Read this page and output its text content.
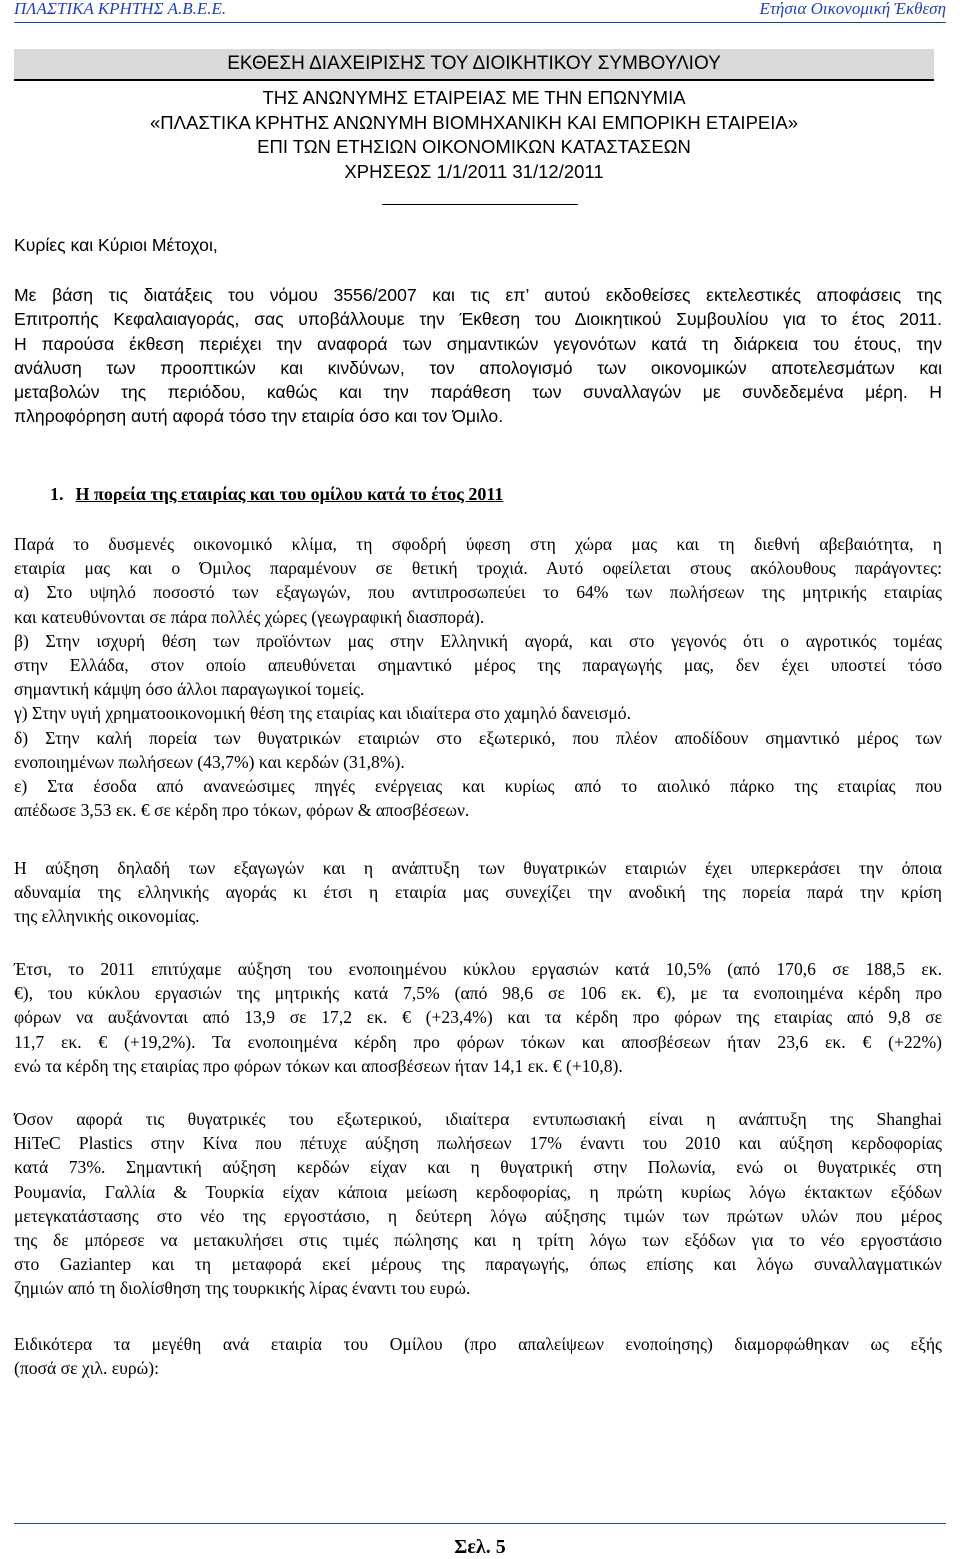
ΠΛΑΣΤΙΚΑ ΚΡΗΤΗΣ Α.Β.Ε.Ε.	Ετήσια Οικονομική Έκθεση
ΕΚΘΕΣΗ ΔΙΑΧΕΙΡΙΣΗΣ ΤΟΥ ΔΙΟΙΚΗΤΙΚΟΥ ΣΥΜΒΟΥΛΙΟΥ
ΤΗΣ ΑΝΩΝΥΜΗΣ ΕΤΑΙΡΕΙΑΣ ΜΕ ΤΗΝ ΕΠΩΝΥΜΙΑ
«ΠΛΑΣΤΙΚΑ ΚΡΗΤΗΣ ΑΝΩΝΥΜΗ ΒΙΟΜΗΧΑΝΙΚΗ ΚΑΙ ΕΜΠΟΡΙΚΗ ΕΤΑΙΡΕΙΑ»
ΕΠΙ ΤΩΝ ΕΤΗΣΙΩΝ ΟΙΚΟΝΟΜΙΚΩΝ ΚΑΤΑΣΤΑΣΕΩΝ
ΧΡΗΣΕΩΣ 1/1/2011 31/12/2011

Κυρίες και Κύριοι Μέτοχοι,

Με βάση τις διατάξεις του νόμου 3556/2007 και τις επ’ αυτού εκδοθείσες εκτελεστικές αποφάσεις της
Επιτροπής Κεφαλαιαγοράς, σας υποβάλλουμε την Έκθεση του Διοικητικού Συμβουλίου για το έτος 2011.
Η παρούσα έκθεση περιέχει την αναφορά των σημαντικών γεγονότων κατά τη διάρκεια του έτους, την
ανάλυση των προοπτικών και κινδύνων, τον απολογισμό των οικονομικών αποτελεσμάτων και
μεταβολών της περιόδου, καθώς και την παράθεση των συναλλαγών με συνδεδεμένα μέρη. Η
πληροφόρηση αυτή αφορά τόσο την εταιρία όσο και τον Όμιλο.

1. Η πορεία της εταιρίας και του ομίλου κατά το έτος 2011

Παρά το δυσμενές οικονομικό κλίμα, τη σφοδρή ύφεση στη χώρα μας και τη διεθνή αβεβαιότητα, η
εταιρία μας και ο Όμιλος παραμένουν σε θετική τροχιά. Αυτό οφείλεται στους ακόλουθους παράγοντες:
α) Στο υψηλό ποσοστό των εξαγωγών, που αντιπροσωπεύει το 64% των πωλήσεων της μητρικής εταιρίας
και κατευθύνονται σε πάρα πολλές χώρες (γεωγραφική διασπορά).
β) Στην ισχυρή θέση των προϊόντων μας στην Ελληνική αγορά, και στο γεγονός ότι ο αγροτικός τομέας
στην Ελλάδα, στον οποίο απευθύνεται σημαντικό μέρος της παραγωγής μας, δεν έχει υποστεί τόσο
σημαντική κάμψη όσο άλλοι παραγωγικοί τομείς.
γ) Στην υγιή χρηματοοικονομική θέση της εταιρίας και ιδιαίτερα στο χαμηλό δανεισμό.
δ) Στην καλή πορεία των θυγατρικών εταιριών στο εξωτερικό, που πλέον αποδίδουν σημαντικό μέρος των
ενοποιημένων πωλήσεων (43,7%) και κερδών (31,8%).
ε) Στα έσοδα από ανανεώσιμες πηγές ενέργειας και κυρίως από το αιολικό πάρκο της εταιρίας που
απέδωσε 3,53 εκ. € σε κέρδη προ τόκων, φόρων & αποσβέσεων.
Η αύξηση δηλαδή των εξαγωγών και η ανάπτυξη των θυγατρικών εταιριών έχει υπερκεράσει την όποια
αδυναμία της ελληνικής αγοράς κι έτσι η εταιρία μας συνεχίζει την ανοδική της πορεία παρά την κρίση
της ελληνικής οικονομίας.
Έτσι, το 2011 επιτύχαμε αύξηση του ενοποιημένου κύκλου εργασιών κατά 10,5% (από 170,6 σε 188,5 εκ.
€), του κύκλου εργασιών της μητρικής κατά 7,5% (από 98,6 σε 106 εκ. €), με τα ενοποιημένα κέρδη προ
φόρων να αυξάνονται από 13,9 σε 17,2 εκ. € (+23,4%) και τα κέρδη προ φόρων της εταιρίας από 9,8 σε
11,7 εκ. € (+19,2%). Τα ενοποιημένα κέρδη προ φόρων τόκων και αποσβέσεων ήταν 23,6 εκ. € (+22%)
ενώ τα κέρδη της εταιρίας προ φόρων τόκων και αποσβέσεων ήταν 14,1 εκ. € (+10,8).
Όσον αφορά τις θυγατρικές του εξωτερικού, ιδιαίτερα εντυπωσιακή είναι η ανάπτυξη της Shanghai
HiTeC Plastics στην Κίνα που πέτυχε αύξηση πωλήσεων 17% έναντι του 2010 και αύξηση κερδοφορίας
κατά 73%. Σημαντική αύξηση κερδών είχαν και η θυγατρική στην Πολωνία, ενώ οι θυγατρικές στη
Ρουμανία, Γαλλία & Τουρκία είχαν κάποια μείωση κερδοφορίας, η πρώτη κυρίως λόγω έκτακτων εξόδων
μετεγκατάστασης στο νέο της εργοστάσιο, η δεύτερη λόγω αύξησης τιμών των πρώτων υλών που μέρος
της δε μπόρεσε να μετακυλήσει στις τιμές πώλησης και η τρίτη λόγω των εξόδων για το νέο εργοστάσιο
στο Gaziantep και τη μεταφορά εκεί μέρους της παραγωγής, όπως επίσης και λόγω συναλλαγματικών
ζημιών από τη διολίσθηση της τουρκικής λίρας έναντι του ευρώ.
Ειδικότερα τα μεγέθη ανά εταιρία του Ομίλου (προ απαλείψεων ενοποίησης) διαμορφώθηκαν ως εξής
(ποσά σε χιλ. ευρώ):
Σελ. 5
